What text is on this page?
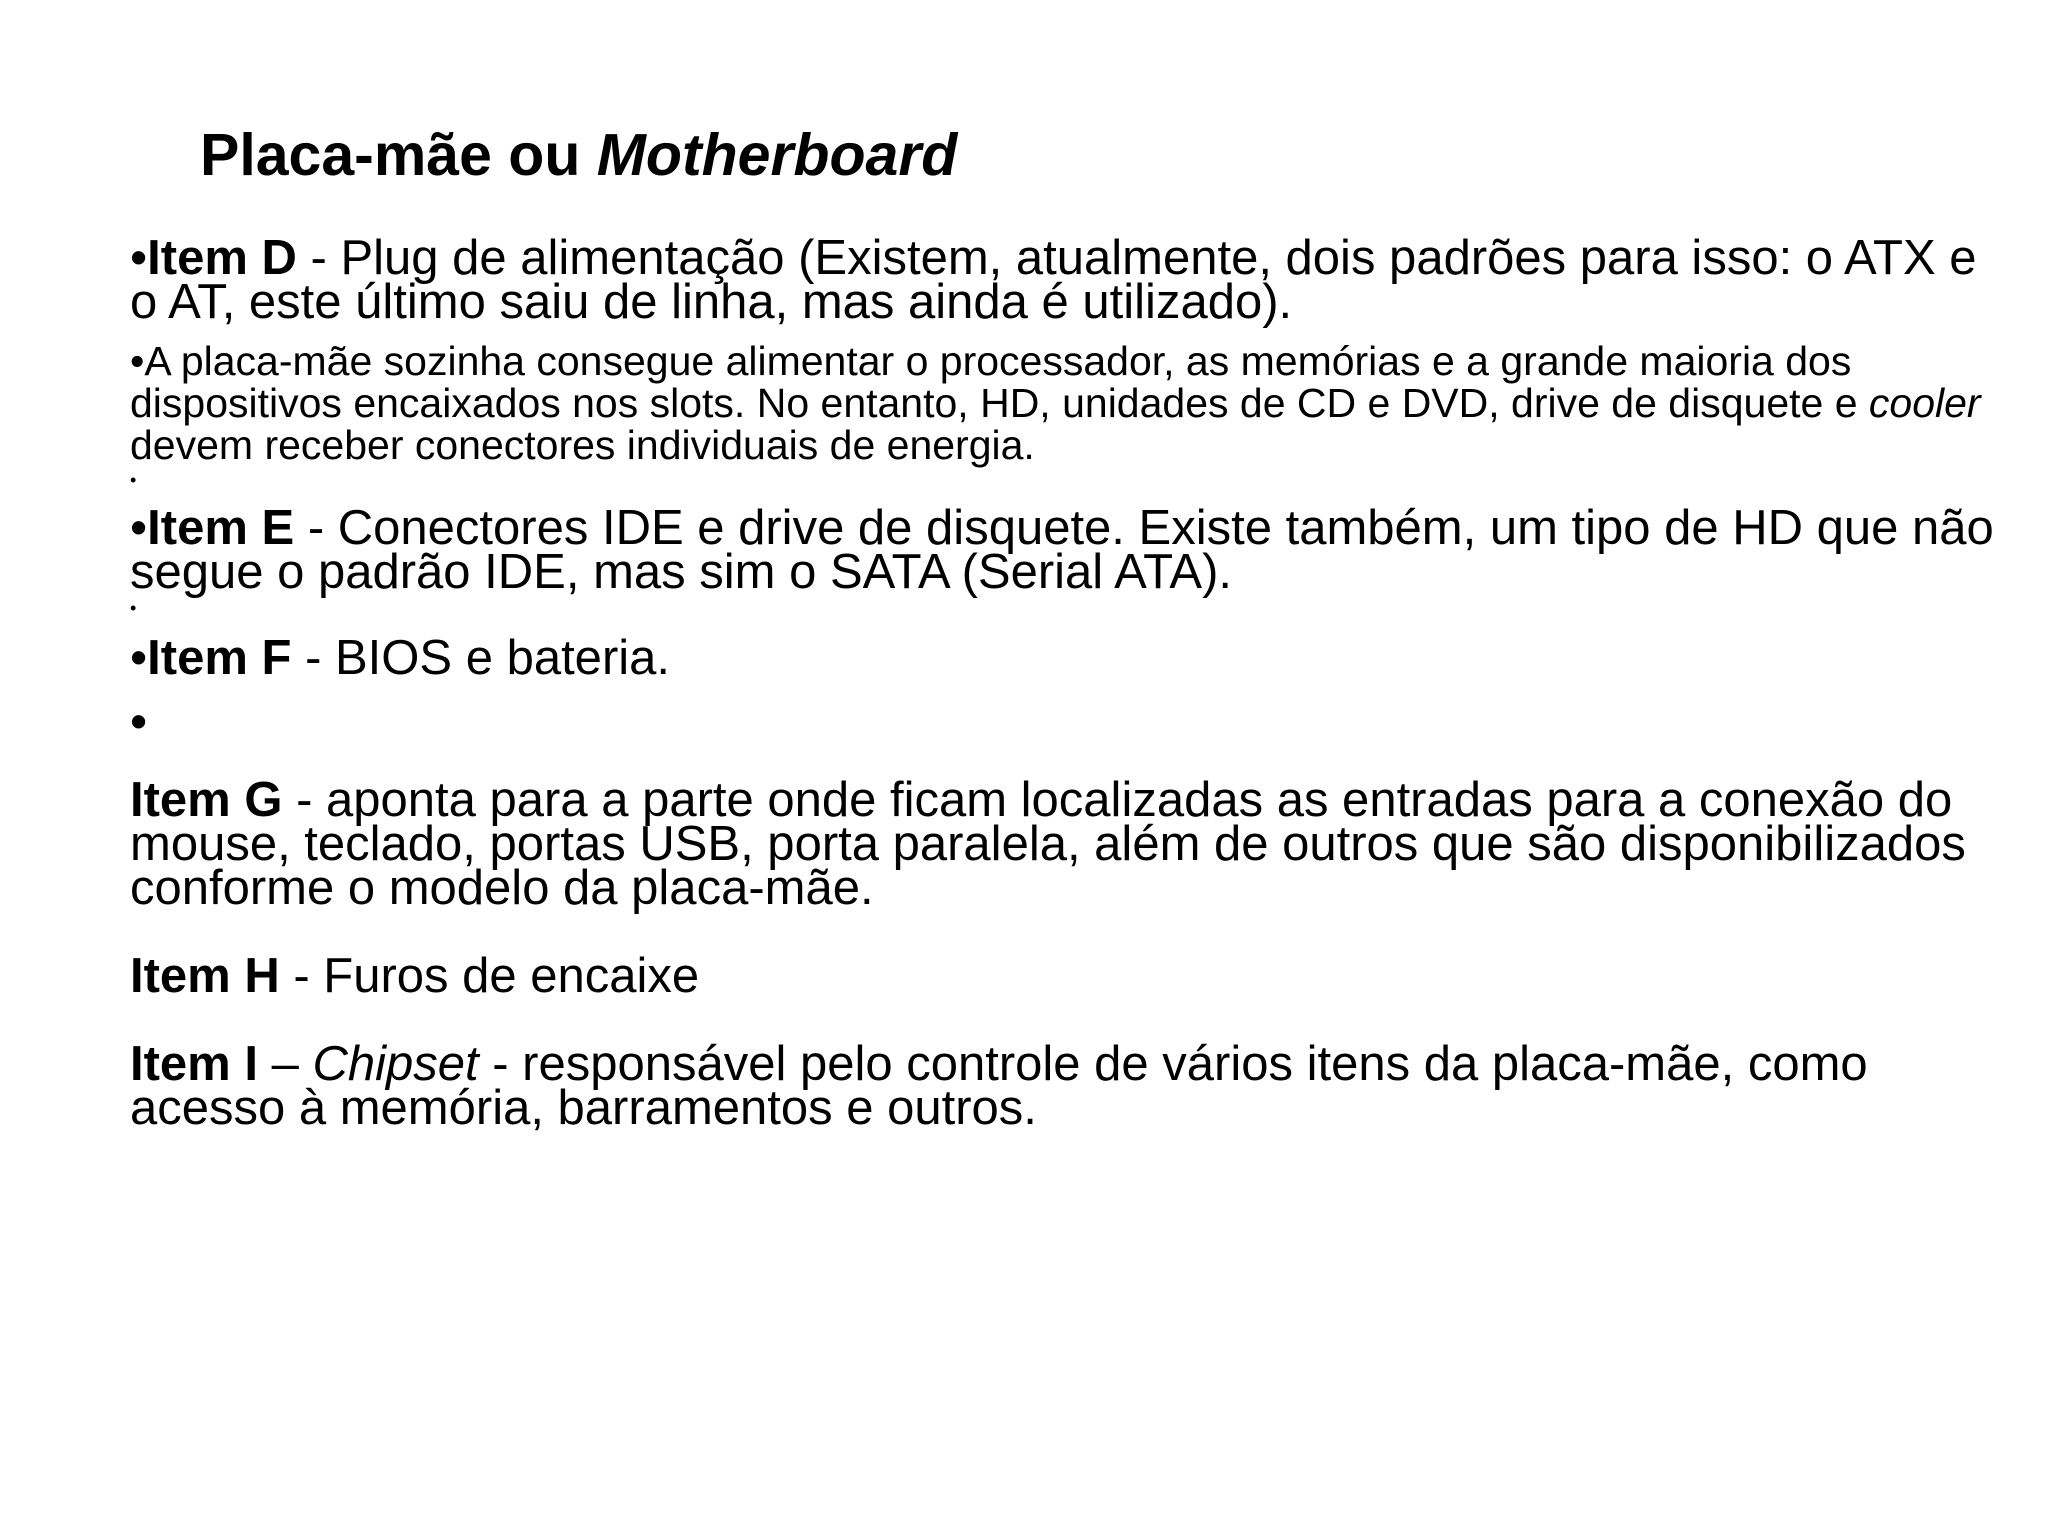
Placa-mãe ou Motherboard

•Item D - Plug de alimentação (Existem, atualmente, dois padrões para isso: o ATX e o AT, este último saiu de linha, mas ainda é utilizado).

•A placa-mãe sozinha consegue alimentar o processador, as memórias e a grande maioria dos dispositivos encaixados nos slots. No entanto, HD, unidades de CD e DVD, drive de disquete e cooler devem receber conectores individuais de energia.

•

•Item E - Conectores IDE e drive de disquete. Existe também, um tipo de HD que não segue o padrão IDE, mas sim o SATA (Serial ATA).

•

•Item F - BIOS e bateria.

•

Item G - aponta para a parte onde ficam localizadas as entradas para a conexão do mouse, teclado, portas USB, porta paralela, além de outros que são disponibilizados conforme o modelo da placa-mãe.

Item H - Furos de encaixe

Item I – Chipset - responsável pelo controle de vários itens da placa-mãe, como acesso à memória, barramentos e outros.
